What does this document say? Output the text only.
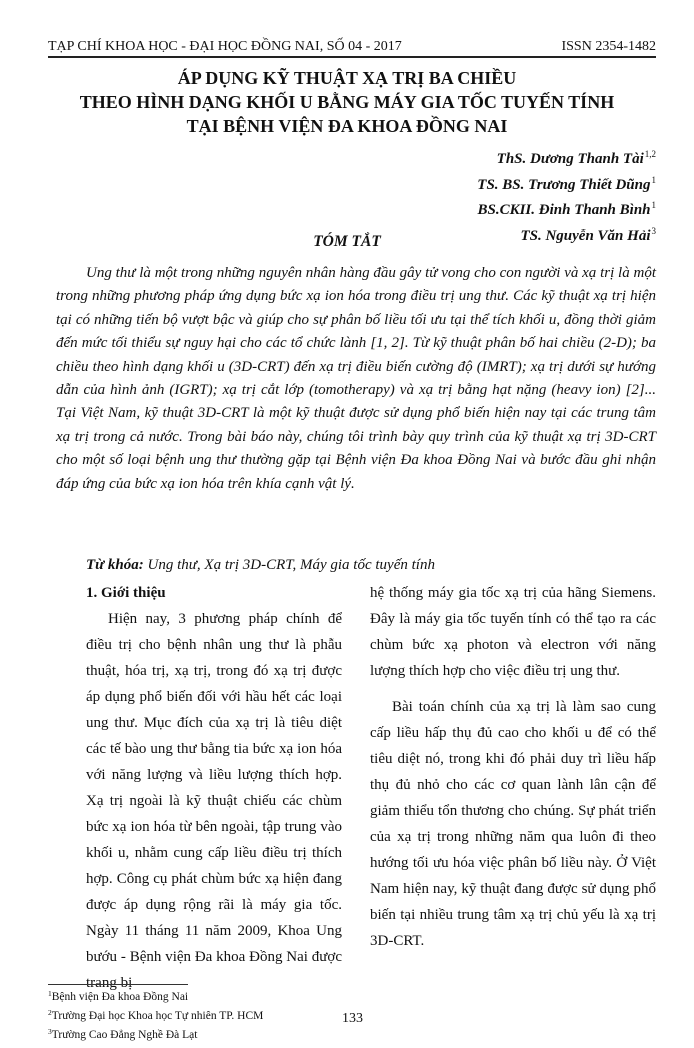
TẠP CHÍ KHOA HỌC - ĐẠI HỌC ĐỒNG NAI, SỐ 04 - 2017	ISSN 2354-1482
ÁP DỤNG KỸ THUẬT XẠ TRỊ BA CHIỀU
THEO HÌNH DẠNG KHỐI U BẰNG MÁY GIA TỐC TUYẾN TÍNH
TẠI BỆNH VIỆN ĐA KHOA ĐỒNG NAI
ThS. Dương Thanh Tài$^{1,2}$
TS. BS. Trương Thiết Dũng$^1$
BS.CKII. Đinh Thanh Bình$^1$
TS. Nguyễn Văn Hải$^3$
TÓM TẮT

Ung thư là một trong những nguyên nhân hàng đầu gây tử vong cho con người và xạ trị là một trong những phương pháp ứng dụng bức xạ ion hóa trong điều trị ung thư. Các kỹ thuật xạ trị hiện tại có những tiến bộ vượt bậc và giúp cho sự phân bố liều tối ưu tại thể tích khối u, đồng thời giảm đến mức tối thiểu sự nguy hại cho các tổ chức lành [1, 2]. Từ kỹ thuật phân bố hai chiều (2-D); ba chiều theo hình dạng khối u (3D-CRT) đến xạ trị điều biến cường độ (IMRT); xạ trị dưới sự hướng dẫn của hình ảnh (IGRT); xạ trị cắt lớp (tomotherapy) và xạ trị bằng hạt nặng (heavy ion) [2]... Tại Việt Nam, kỹ thuật 3D-CRT là một kỹ thuật được sử dụng phổ biến hiện nay tại các trung tâm xạ trị trong cả nước. Trong bài báo này, chúng tôi trình bày quy trình của kỹ thuật xạ trị 3D-CRT cho một số loại bệnh ung thư thường gặp tại Bệnh viện Đa khoa Đồng Nai và bước đầu ghi nhận đáp ứng của bức xạ ion hóa trên khía cạnh vật lý.

Từ khóa: Ung thư, Xạ trị 3D-CRT, Máy gia tốc tuyến tính
1. Giới thiệu

Hiện nay, 3 phương pháp chính để điều trị cho bệnh nhân ung thư là phẫu thuật, hóa trị, xạ trị, trong đó xạ trị được áp dụng phổ biến đối với hầu hết các loại ung thư. Mục đích của xạ trị là tiêu diệt các tế bào ung thư bằng tia bức xạ ion hóa với năng lượng và liều lượng thích hợp. Xạ trị ngoài là kỹ thuật chiếu các chùm bức xạ ion hóa từ bên ngoài, tập trung vào khối u, nhằm cung cấp liều điều trị thích hợp. Công cụ phát chùm bức xạ hiện đang được áp dụng rộng rãi là máy gia tốc. Ngày 11 tháng 11 năm 2009, Khoa Ung bướu - Bệnh viện Đa khoa Đồng Nai được trang bị

hệ thống máy gia tốc xạ trị của hãng Siemens. Đây là máy gia tốc tuyến tính có thể tạo ra các chùm bức xạ photon và electron với năng lượng thích hợp cho việc điều trị ung thư.

Bài toán chính của xạ trị là làm sao cung cấp liều hấp thụ đủ cao cho khối u để có thể tiêu diệt nó, trong khi đó phải duy trì liều hấp thụ đủ nhỏ cho các cơ quan lành lân cận để giảm thiểu tổn thương cho chúng. Sự phát triển của xạ trị trong những năm qua luôn đi theo hướng tối ưu hóa việc phân bố liều này. Ở Việt Nam hiện nay, kỹ thuật đang được sử dụng phổ biến tại nhiều trung tâm xạ trị chủ yếu là xạ trị 3D-CRT.

$^1$Bệnh viện Đa khoa Đồng Nai
$^2$Trường Đại học Khoa học Tự nhiên TP. HCM
$^3$Trường Cao Đẳng Nghề Đà Lạt
133
